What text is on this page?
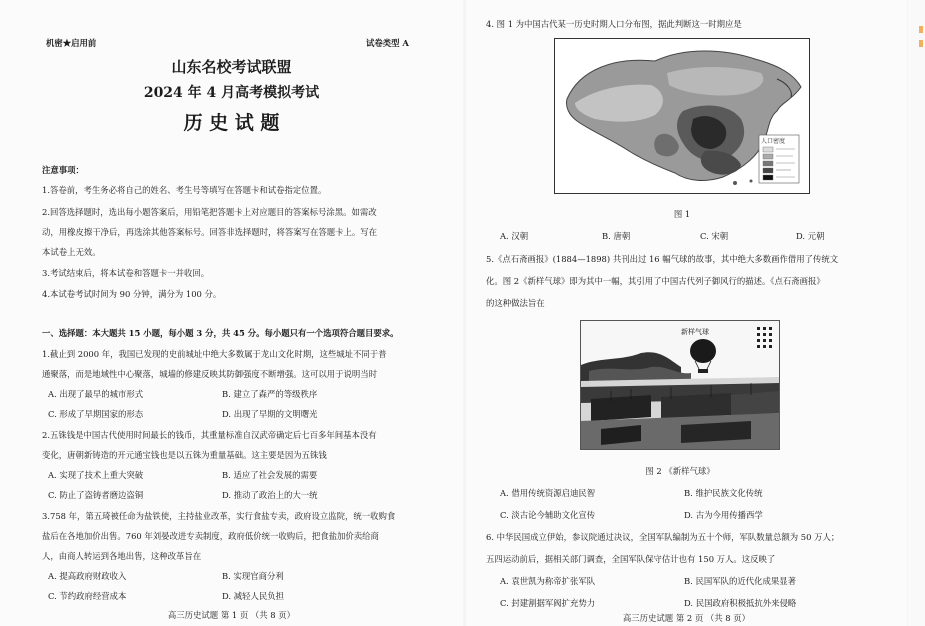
机密★启用前	试卷类型 A
山东名校考试联盟
2024 年 4 月高考模拟考试
历 史 试 题
注意事项：
1.答卷前，考生务必将自己的姓名、考生号等填写在答题卡和试卷指定位置。
2.回答选择题时，选出每小题答案后，用铅笔把答题卡上对应题目的答案标号涂黑。如需改
动，用橡皮擦干净后，再选涂其他答案标号。回答非选择题时，将答案写在答题卡上。写在
本试卷上无效。
3.考试结束后，将本试卷和答题卡一并收回。
4.本试卷考试时间为 90 分钟，满分为 100 分。
一、选择题：本大题共 15 小题，每小题 3 分，共 45 分。每小题只有一个选项符合题目要求。
1.截止到 2000 年，我国已发现的史前城址中绝大多数属于龙山文化时期，这些城址不同于普
通聚落，而是地域性中心聚落，城墙的修建反映其防御强度不断增强。这可以用于说明当时
A. 出现了最早的城市形式	B. 建立了森严的等级秩序
C. 形成了早期国家的形态	D. 出现了早期的文明曙光
2.五铢钱是中国古代使用时间最长的钱币，其重量标准自汉武帝确定后七百多年间基本没有
变化，唐朝新铸造的开元通宝钱也是以五铢为重量基础。这主要是因为五铢钱
A. 实现了技术上重大突破	B. 适应了社会发展的需要
C. 防止了盗铸者磨边盗铜	D. 推动了政治上的大一统
3.758 年，第五琦被任命为盐铁使，主持盐业改革，实行食盐专卖，政府设立监院，统一收购食
盐后在各地加价出售。760 年刘晏改进专卖制度，政府低价统一收购后，把食盐加价卖给商
人，由商人转运到各地出售，这种改革旨在
A. 提高政府财政收入	B. 实现官商分利
C. 节约政府经营成本	D. 减轻人民负担
高三历史试题 第 1 页 （共 8 页）
4. 图 1 为中国古代某一历史时期人口分布图，据此判断这一时期应是
人口密度
图 1
A. 汉朝	B. 唐朝	C. 宋朝	D. 元朝
5.《点石斋画报》(1884—1898) 共刊出过 16 幅气球的故事，其中绝大多数画作借用了传统文
化。图 2《新样气球》即为其中一幅，其引用了中国古代列子御风行的描述。《点石斋画报》
的这种做法旨在
新样气球
图 2 《新样气球》
A. 借用传统资源启迪民智	B. 维护民族文化传统
C. 淡古论今辅助文化宣传	D. 古为今用传播西学
6. 中华民国成立伊始，参议院通过决议，全国军队编制为五十个师，军队数量总额为 50 万人；
五四运动前后，据相关部门调查，全国军队保守估计也有 150 万人。这反映了
A. 袁世凯为称帝扩张军队	B. 民国军队的近代化成果显著
C. 封建割据军阀扩充势力	D. 民国政府积极抵抗外来侵略
高三历史试题 第 2 页 （共 8 页）
